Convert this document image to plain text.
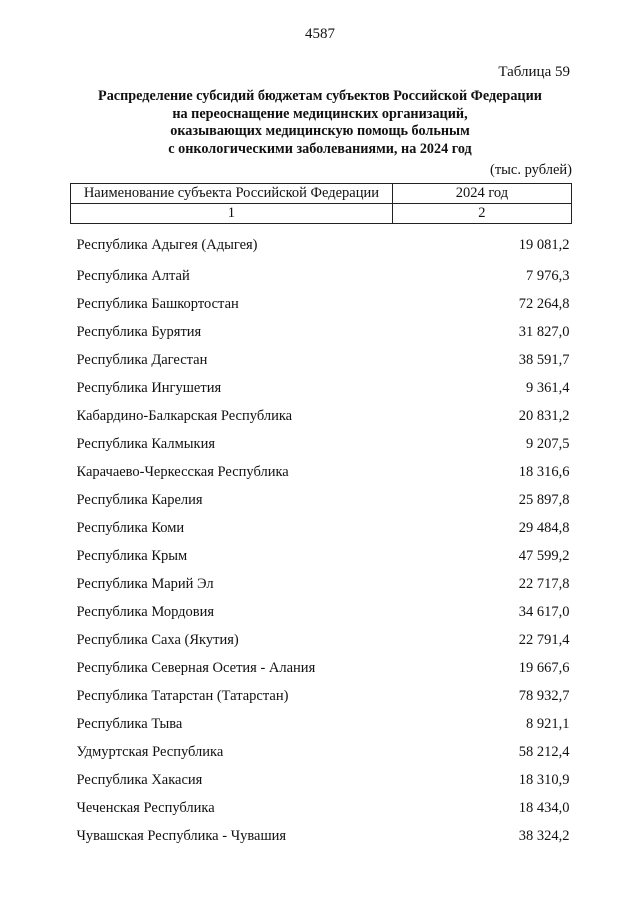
4587
Таблица 59
Распределение субсидий бюджетам субъектов Российской Федерации
на переоснащение медицинских организаций,
оказывающих медицинскую помощь больным
с онкологическими заболеваниями, на 2024 год
(тыс. рублей)
Наименование субъекта Российской Федерации	2024 год
1	2
Республика Адыгея (Адыгея)	19 081,2
Республика Алтай	7 976,3
Республика Башкортостан	72 264,8
Республика Бурятия	31 827,0
Республика Дагестан	38 591,7
Республика Ингушетия	9 361,4
Кабардино-Балкарская Республика	20 831,2
Республика Калмыкия	9 207,5
Карачаево-Черкесская Республика	18 316,6
Республика Карелия	25 897,8
Республика Коми	29 484,8
Республика Крым	47 599,2
Республика Марий Эл	22 717,8
Республика Мордовия	34 617,0
Республика Саха (Якутия)	22 791,4
Республика Северная Осетия - Алания	19 667,6
Республика Татарстан (Татарстан)	78 932,7
Республика Тыва	8 921,1
Удмуртская Республика	58 212,4
Республика Хакасия	18 310,9
Чеченская Республика	18 434,0
Чувашская Республика - Чувашия	38 324,2
